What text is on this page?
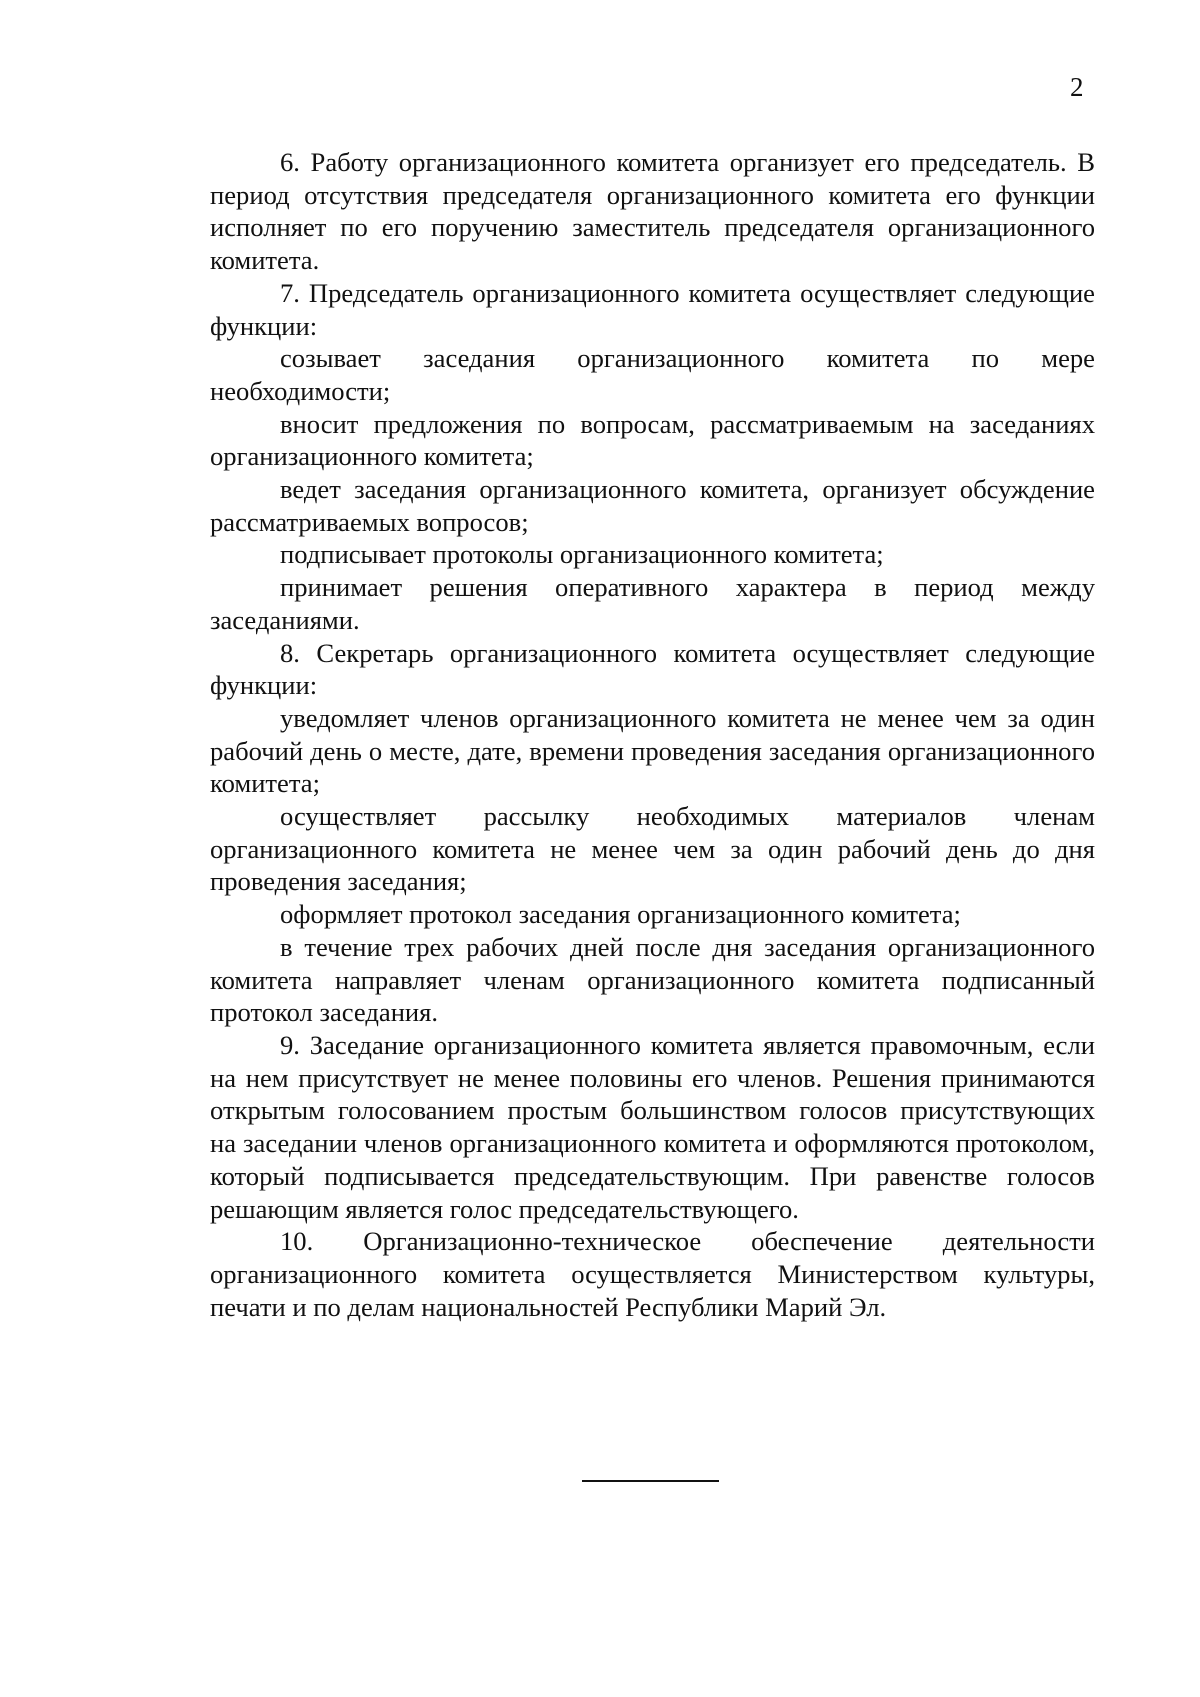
2

6. Работу организационного комитета организует его председатель. В период отсутствия председателя организационного комитета его функции исполняет по его поручению заместитель председателя организационного комитета.

7. Председатель организационного комитета осуществляет следующие функции:

созывает заседания организационного комитета по мере необходимости;

вносит предложения по вопросам, рассматриваемым на заседаниях организационного комитета;

ведет заседания организационного комитета, организует обсуждение рассматриваемых вопросов;

подписывает протоколы организационного комитета;

принимает решения оперативного характера в период между заседаниями.

8. Секретарь организационного комитета осуществляет следующие функции:

уведомляет членов организационного комитета не менее чем за один рабочий день о месте, дате, времени проведения заседания организационного комитета;

осуществляет рассылку необходимых материалов членам организационного комитета не менее чем за один рабочий день до дня проведения заседания;

оформляет протокол заседания организационного комитета;

в течение трех рабочих дней после дня заседания организационного комитета направляет членам организационного комитета подписанный протокол заседания.

9. Заседание организационного комитета является правомочным, если на нем присутствует не менее половины его членов. Решения принимаются открытым голосованием простым большинством голосов присутствующих на заседании членов организационного комитета и оформляются протоколом, который подписывается председательствующим. При равенстве голосов решающим является голос председательствующего.

10. Организационно-техническое обеспечение деятельности организационного комитета осуществляется Министерством культуры, печати и по делам национальностей Республики Марий Эл.
